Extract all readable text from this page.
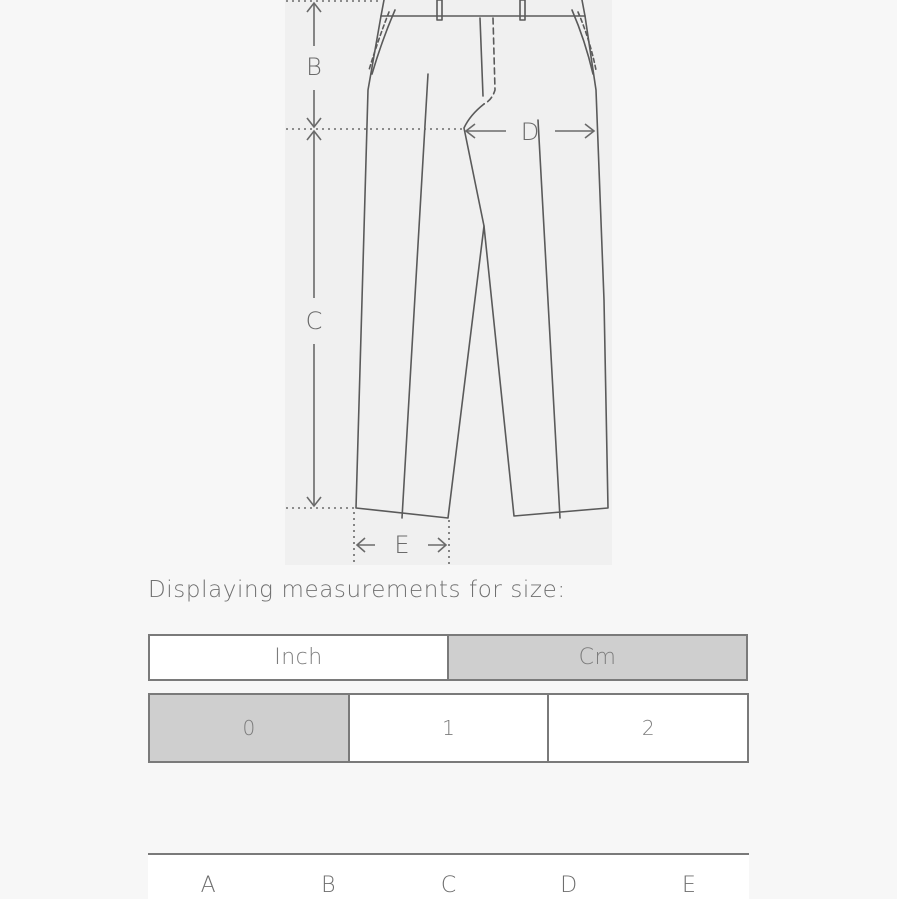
B
C
D
E
Displaying measurements for size:
Inch	Cm
0	1	2
A	B	C	D	E
